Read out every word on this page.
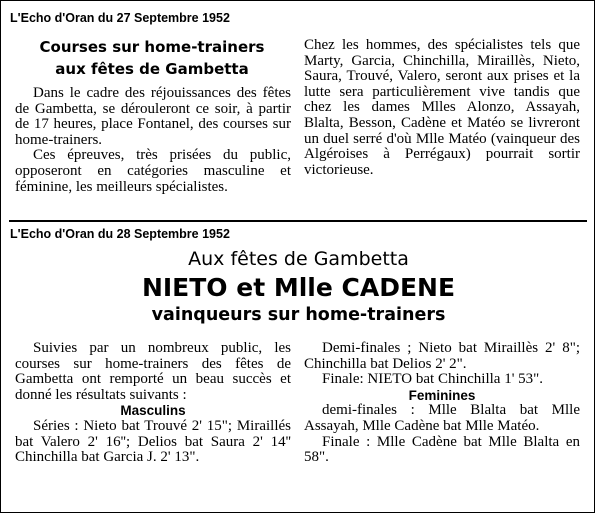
L'Echo d'Oran du 27 Septembre 1952
Courses sur home-trainers
aux fêtes de Gambetta

Dans le cadre des réjouissances des fêtes de Gambetta, se dérouleront ce soir, à partir de 17 heures, place Fontanel, des courses sur home-trainers.

Ces épreuves, très prisées du public, opposeront en catégories masculine et féminine, les meilleurs spécialistes.

Chez les hommes, des spécialistes tels que Marty, Garcia, Chinchilla, Miraillès, Nieto, Saura, Trouvé, Valero, seront aux prises et la lutte sera particulièrement vive tandis que chez les dames Mlles Alonzo, Assayah, Blalta, Besson, Cadène et Matéo se livreront un duel serré d'où Mlle Matéo (vainqueur des Algéroises à Perrégaux) pourrait sortir victorieuse.

L'Echo d'Oran du 28 Septembre 1952
Aux fêtes de Gambetta
NIETO et Mlle CADENE
vainqueurs sur home-trainers

Suivies par un nombreux public, les courses sur home-trainers des fêtes de Gambetta ont remporté un beau succès et donné les résultats suivants :

Masculins

Séries : Nieto bat Trouvé 2' 15"; Miraillés bat Valero 2' 16''; Delios bat Saura 2' 14'' Chinchilla bat Garcia J. 2' 13".

Demi-finales ; Nieto bat Miraillès 2' 8"; Chinchilla bat Delios 2' 2".

Finale: NIETO bat Chinchilla 1' 53".

Feminines

demi-finales : Mlle Blalta bat Mlle Assayah, Mlle Cadène bat Mlle Matéo.

Finale : Mlle Cadène bat Mlle Blalta en 58".
